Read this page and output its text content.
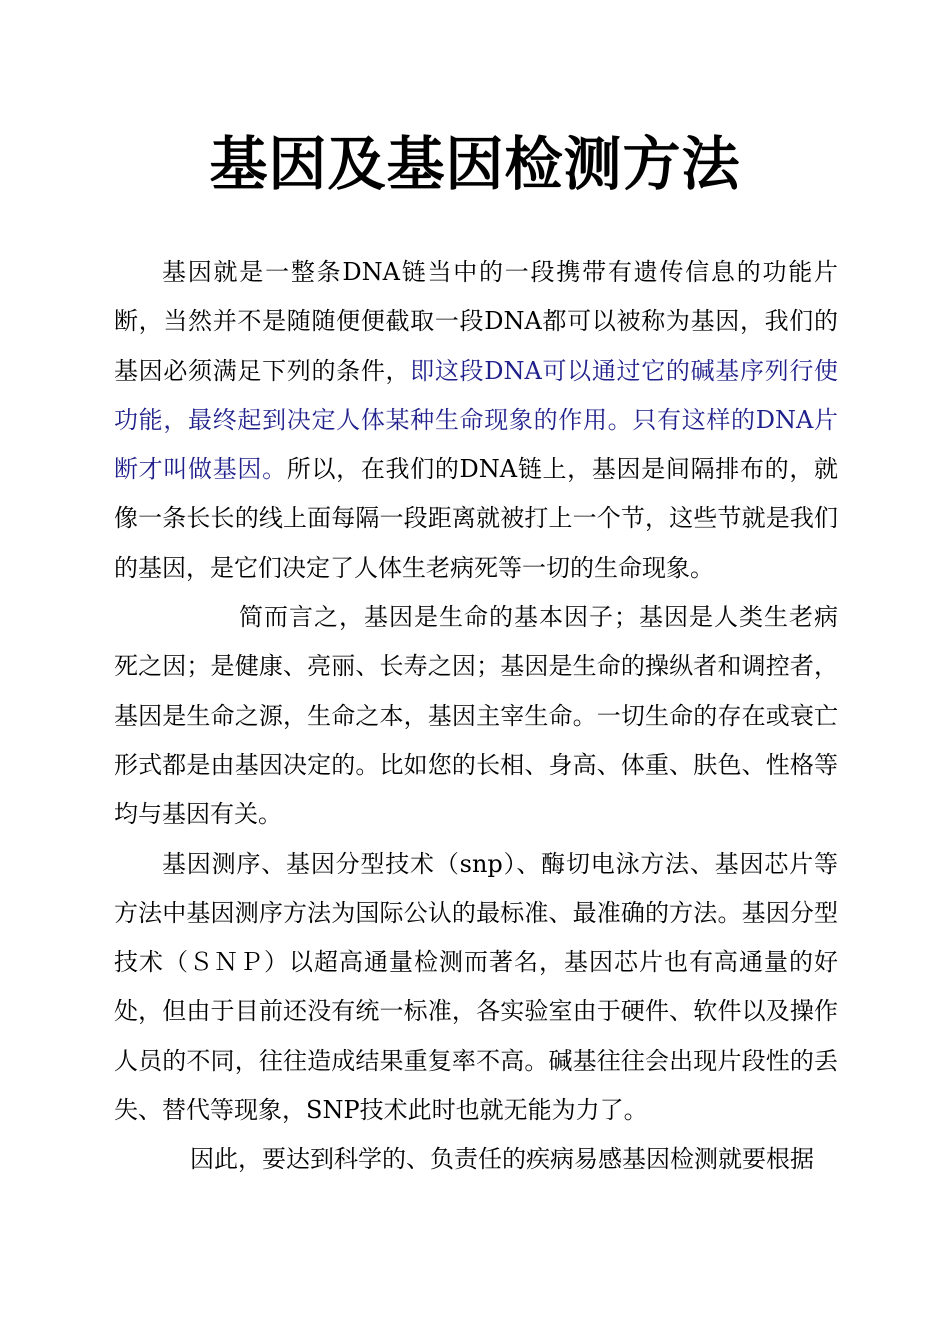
基因及基因检测方法

基因就是一整条DNA链当中的一段携带有遗传信息的功能片断，当然并不是随随便便截取一段DNA都可以被称为基因，我们的基因必须满足下列的条件，即这段DNA可以通过它的碱基序列行使功能，最终起到决定人体某种生命现象的作用。只有这样的DNA片断才叫做基因。所以，在我们的DNA链上，基因是间隔排布的，就像一条长长的线上面每隔一段距离就被打上一个节，这些节就是我们的基因，是它们决定了人体生老病死等一切的生命现象。

简而言之，基因是生命的基本因子；基因是人类生老病死之因；是健康、亮丽、长寿之因；基因是生命的操纵者和调控者，基因是生命之源，生命之本，基因主宰生命。一切生命的存在或衰亡形式都是由基因决定的。比如您的长相、身高、体重、肤色、性格等均与基因有关。

基因测序、基因分型技术（snp）、酶切电泳方法、基因芯片等方法中基因测序方法为国际公认的最标准、最准确的方法。基因分型技术（ＳＮＰ）以超高通量检测而著名，基因芯片也有高通量的好处，但由于目前还没有统一标准，各实验室由于硬件、软件以及操作人员的不同，往往造成结果重复率不高。碱基往往会出现片段性的丢失、替代等现象，SNP技术此时也就无能为力了。

因此，要达到科学的、负责任的疾病易感基因检测就要根据
